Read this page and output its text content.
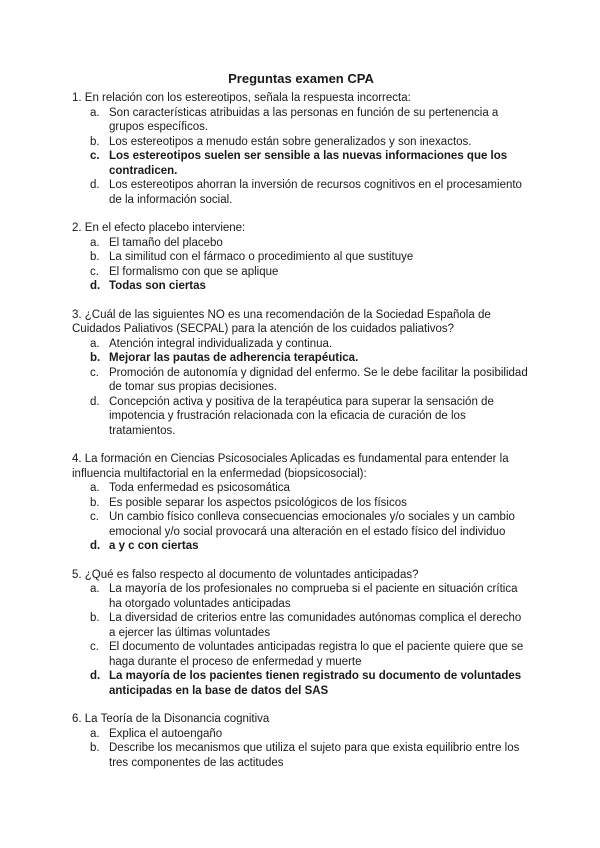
Preguntas examen CPA

1. En relación con los estereotipos, señala la respuesta incorrecta:

a. Son características atribuidas a las personas en función de su pertenencia a grupos específicos.
b. Los estereotipos a menudo están sobre generalizados y son inexactos.
c. Los estereotipos suelen ser sensible a las nuevas informaciones que los contradicen.
d. Los estereotipos ahorran la inversión de recursos cognitivos en el procesamiento de la información social.

2. En el efecto placebo interviene:

a. El tamaño del placebo
b. La similitud con el fármaco o procedimiento al que sustituye
c. El formalismo con que se aplique
d. Todas son ciertas

3. ¿Cuál de las siguientes NO es una recomendación de la Sociedad Española de Cuidados Paliativos (SECPAL) para la atención de los cuidados paliativos?

a. Atención integral individualizada y continua.
b. Mejorar las pautas de adherencia terapéutica.
c. Promoción de autonomía y dignidad del enfermo. Se le debe facilitar la posibilidad de tomar sus propias decisiones.
d. Concepción activa y positiva de la terapéutica para superar la sensación de impotencia y frustración relacionada con la eficacia de curación de los tratamientos.

4. La formación en Ciencias Psicosociales Aplicadas es fundamental para entender la influencia multifactorial en la enfermedad (biopsicosocial):

a. Toda enfermedad es psicosomática
b. Es posible separar los aspectos psicológicos de los físicos
c. Un cambio físico conlleva consecuencias emocionales y/o sociales y un cambio emocional y/o social provocará una alteración en el estado físico del individuo
d. a y c con ciertas

5. ¿Qué es falso respecto al documento de voluntades anticipadas?

a. La mayoría de los profesionales no comprueba si el paciente en situación crítica ha otorgado voluntades anticipadas
b. La diversidad de criterios entre las comunidades autónomas complica el derecho a ejercer las últimas voluntades
c. El documento de voluntades anticipadas registra lo que el paciente quiere que se haga durante el proceso de enfermedad y muerte
d. La mayoría de los pacientes tienen registrado su documento de voluntades anticipadas en la base de datos del SAS

6. La Teoría de la Disonancia cognitiva

a. Explica el autoengaño
b. Describe los mecanismos que utiliza el sujeto para que exista equilibrio entre los tres componentes de las actitudes
